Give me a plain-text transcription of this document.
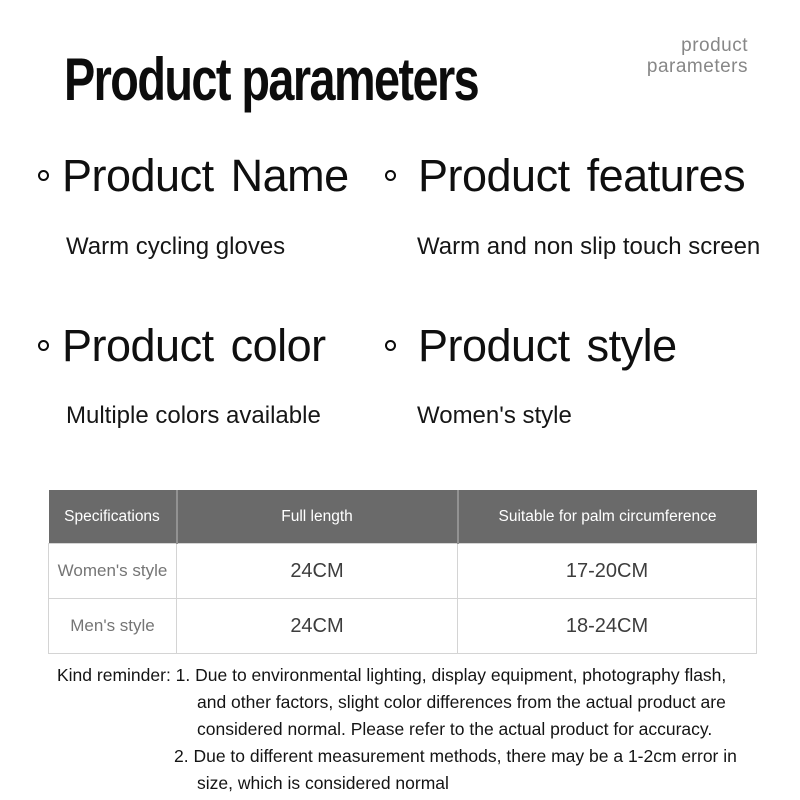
Product parameters
product
parameters
Product Name
Warm cycling gloves
Product features
Warm and non slip touch screen
Product color
Multiple colors available
Product style
Women's style
Specifications	Full length	Suitable for palm circumference
Women's style	24CM	17-20CM
Men's style	24CM	18-24CM
Kind reminder: 1. Due to environmental lighting, display equipment, photography flash,
and other factors, slight color differences from the actual product are
considered normal. Please refer to the actual product for accuracy.
2. Due to different measurement methods, there may be a 1-2cm error in
size, which is considered normal
